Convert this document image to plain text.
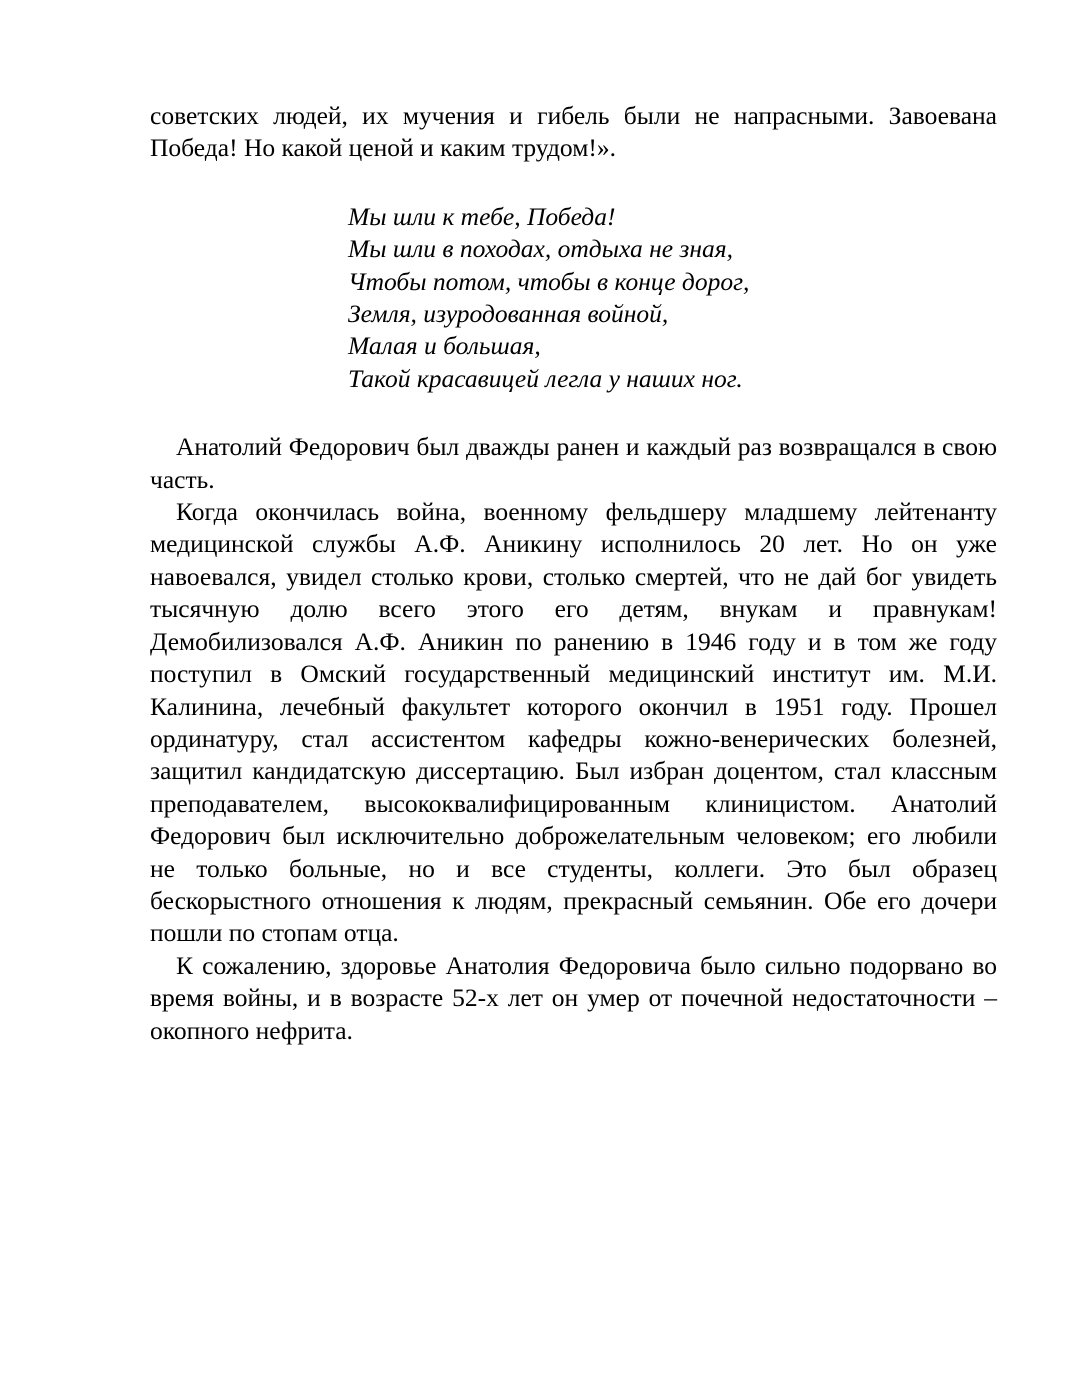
советских людей, их мучения и гибель были не напрасными. Завоевана Победа! Но какой ценой и каким трудом!».

Мы шли к тебе, Победа!
Мы шли в походах, отдыха не зная,
Чтобы потом, чтобы в конце дорог,
Земля, изуродованная войной,
Малая и большая,
Такой красавицей легла у наших ног.

Анатолий Федорович был дважды ранен и каждый раз возвращался в свою часть.

Когда окончилась война, военному фельдшеру младшему лейтенанту медицинской службы А.Ф. Аникину исполнилось 20 лет. Но он уже навоевался, увидел столько крови, столько смертей, что не дай бог увидеть тысячную долю всего этого его детям, внукам и правнукам! Демобилизовался А.Ф. Аникин по ранению в 1946 году и в том же году поступил в Омский государственный медицинский институт им. М.И. Калинина, лечебный факультет которого окончил в 1951 году. Прошел ординатуру, стал ассистентом кафедры кожно-венерических болезней, защитил кандидатскую диссертацию. Был избран доцентом, стал классным преподавателем, высококвалифицированным клиницистом. Анатолий Федорович был исключительно доброжелательным человеком; его любили не только больные, но и все студенты, коллеги. Это был образец бескорыстного отношения к людям, прекрасный семьянин. Обе его дочери пошли по стопам отца.

К сожалению, здоровье Анатолия Федоровича было сильно подорвано во время войны, и в возрасте 52-х лет он умер от почечной недостаточности – окопного нефрита.
